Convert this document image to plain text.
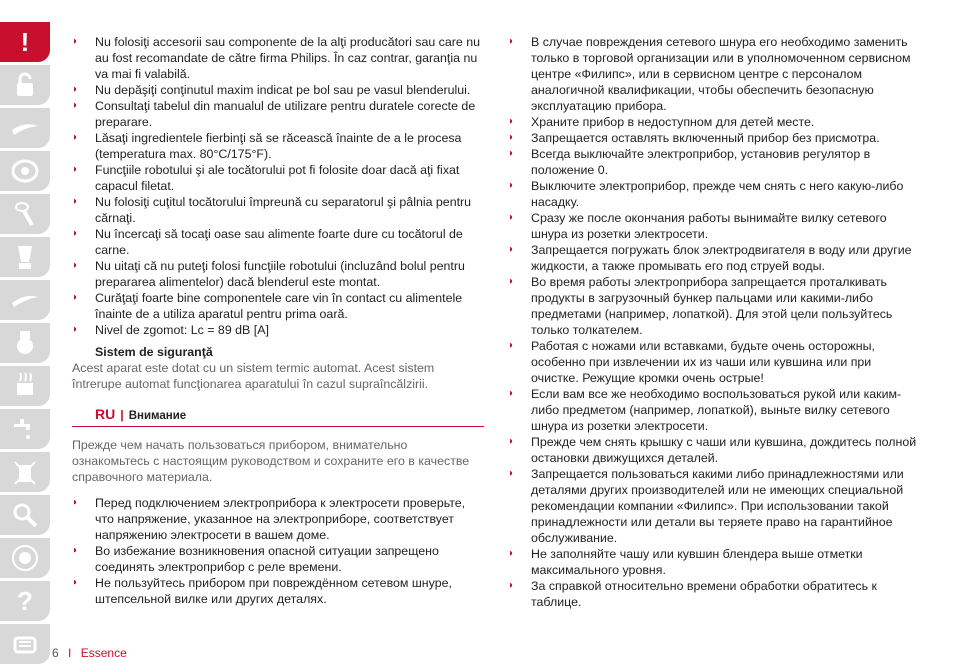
!
?
◗ Nu folosiţi accesorii sau componente de la alţi producători sau care nu au fost recomandate de către firma Philips. În caz contrar, garanţia nu va mai fi valabilă.
◗ Nu depăşiţi conţinutul maxim indicat pe bol sau pe vasul blenderului.
◗ Consultaţi tabelul din manualul de utilizare pentru duratele corecte de preparare.
◗ Lăsaţi ingredientele fierbinţi să se răcească înainte de a le procesa (temperatura max. 80°C/175°F).
◗ Funcţiile robotului şi ale tocătorului pot fi folosite doar dacă aţi fixat capacul filetat.
◗ Nu folosiţi cuţitul tocătorului împreună cu separatorul şi pâlnia pentru cărnaţi.
◗ Nu încercaţi să tocaţi oase sau alimente foarte dure cu tocătorul de carne.
◗ Nu uitaţi că nu puteţi folosi funcţiile robotului (incluzând bolul pentru prepararea alimentelor) dacă blenderul este montat.
◗ Curăţaţi foarte bine componentele care vin în contact cu alimentele înainte de a utiliza aparatul pentru prima oară.
◗ Nivel de zgomot: Lc = 89 dB [A]
Sistem de siguranţă

Acest aparat este dotat cu un sistem termic automat. Acest sistem întrerupe automat funcţionarea aparatului în cazul supraîncălzirii.

RU | Внимание

Прежде чем начать пользоваться прибором, внимательно ознакомьтесь с настоящим руководством и сохраните его в качестве справочного материала.

◗ Перед подключением электроприбора к электросети проверьте, что напряжение, указанное на электроприборе, соответствует напряжению электросети в вашем доме.
◗ Во избежание возникновения опасной ситуации запрещено соединять электроприбор с реле времени.
◗ Не пользуйтесь прибором при повреждённом сетевом шнуре, штепсельной вилке или других деталях.
◗ В случае повреждения сетевого шнура его необходимо заменить только в торговой организации или в уполномоченном сервисном центре «Филипс», или в сервисном центре с персоналом аналогичной квалификации, чтобы обеспечить безопасную эксплуатацию прибора.
◗ Храните прибор в недоступном для детей месте.
◗ Запрещается оставлять включенный прибор без присмотра.
◗ Всегда выключайте электроприбор, установив регулятор в положение 0.
◗ Выключите электроприбор, прежде чем снять с него какую-либо насадку.
◗ Сразу же после окончания работы вынимайте вилку сетевого шнура из розетки электросети.
◗ Запрещается погружать блок электродвигателя в воду или другие жидкости, а также промывать его под струей воды.
◗ Во время работы электроприбора запрещается проталкивать продукты в загрузочный бункер пальцами или какими-либо предметами (например, лопаткой). Для этой цели пользуйтесь только толкателем.
◗ Работая с ножами или вставками, будьте очень осторожны, особенно при извлечении их из чаши или кувшина или при очистке. Режущие кромки очень острые!
◗ Если вам все же необходимо воспользоваться рукой или каким-либо предметом (например, лопаткой), выньте вилку сетевого шнура из розетки электросети.
◗ Прежде чем снять крышку с чаши или кувшина, дождитесь полной остановки движущихся деталей.
◗ Запрещается пользоваться какими либо принадлежностями или деталями других производителей или не имеющих специальной рекомендации компании «Филипс». При использовании такой принадлежности или детали вы теряете право на гарантийное обслуживание.
◗ Не заполняйте чашу или кувшин блендера выше отметки максимального уровня.
◗ За справкой относительно времени обработки обратитесь к таблице.
6 I Essence
